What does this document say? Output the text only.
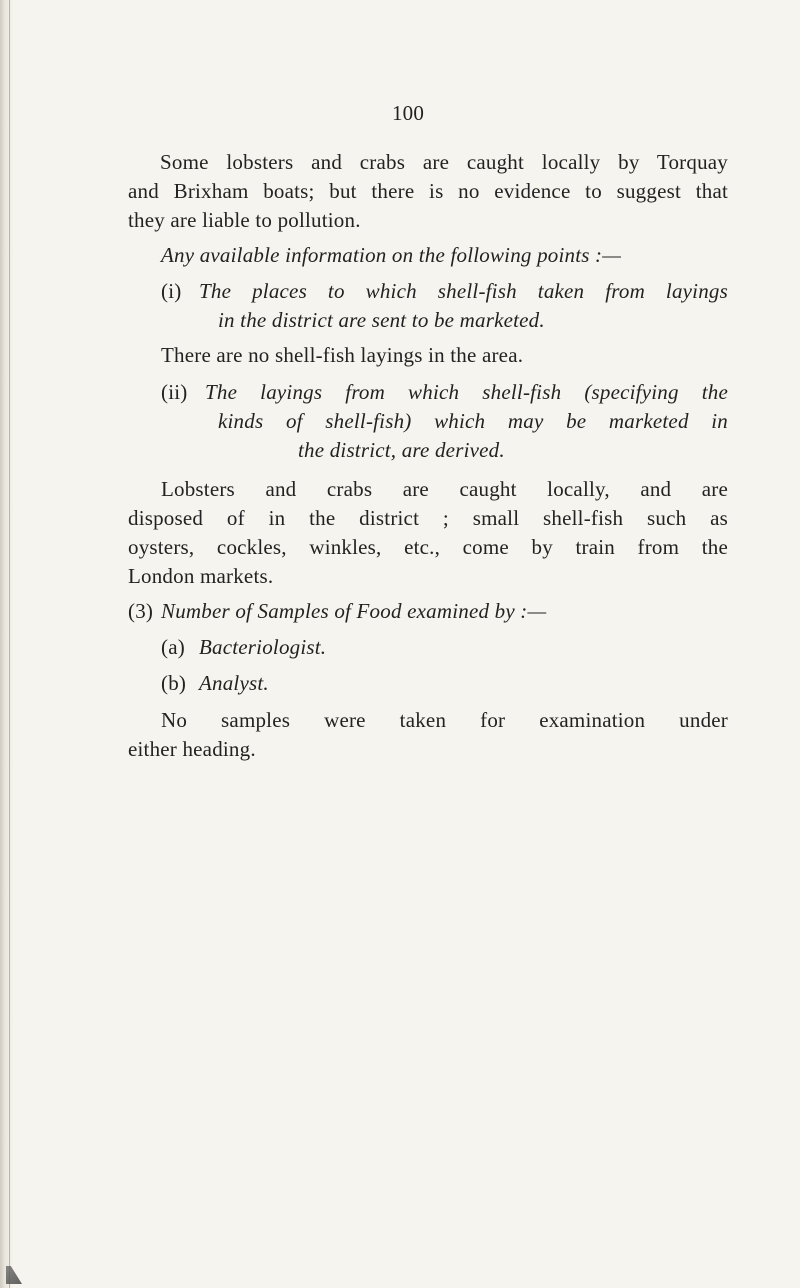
100
Some lobsters and crabs are caught locally by Torquay
and Brixham boats; but there is no evidence to suggest that
they are liable to pollution.
Any available information on the following points :—
(i) The places to which shell-fish taken from layings
in the district are sent to be marketed.
There are no shell-fish layings in the area.
(ii) The layings from which shell-fish (specifying the
kinds of shell-fish) which may be marketed in
the district, are derived.
Lobsters and crabs are caught locally, and are
disposed of in the district ; small shell-fish such as
oysters, cockles, winkles, etc., come by train from the
London markets.
(3) Number of Samples of Food examined by :—
(a) Bacteriologist.
(b) Analyst.
No samples were taken for examination under
either heading.
